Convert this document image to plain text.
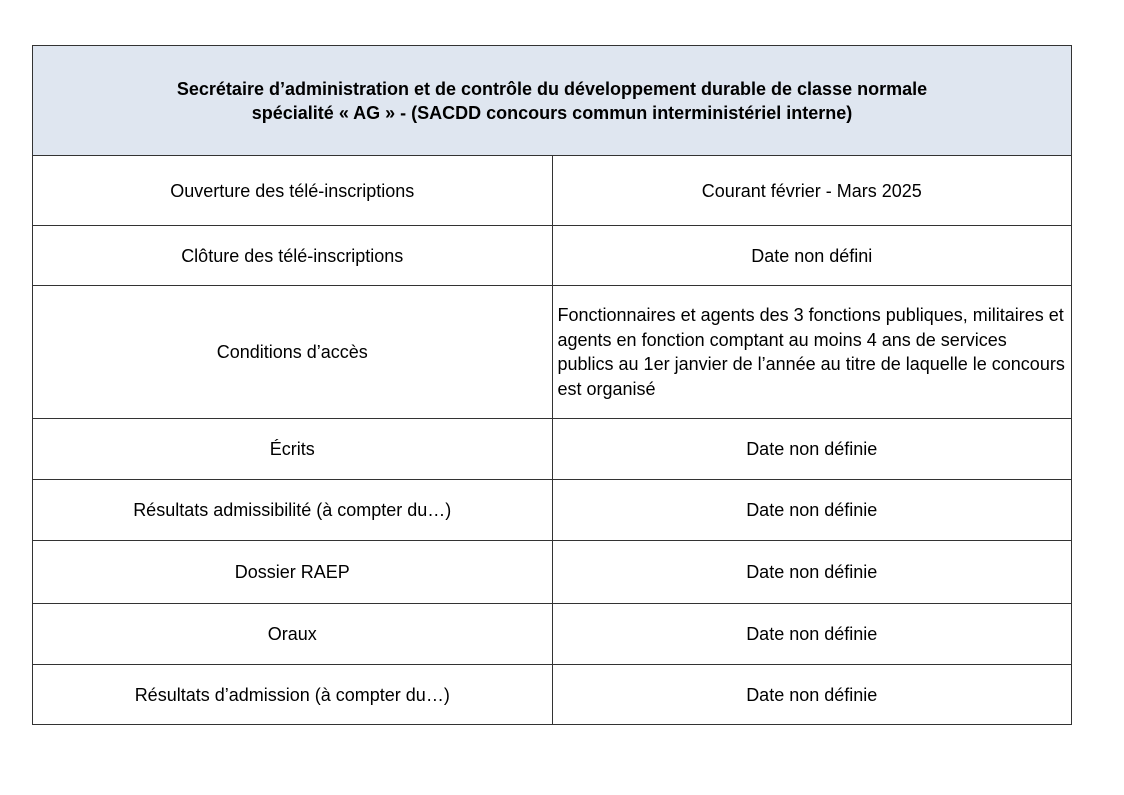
Secrétaire d’administration et de contrôle du développement durable de classe normale
spécialité « AG » - (SACDD concours commun interministériel interne)	

Ouverture des télé-inscriptions	Courant février - Mars 2025
Clôture des télé-inscriptions	Date non défini
Conditions d’accès	Fonctionnaires et agents des 3 fonctions publiques, militaires et agents en fonction comptant au moins 4 ans de services publics au 1er janvier de l’année au titre de laquelle le concours est organisé
Écrits	Date non définie
Résultats admissibilité (à compter du…)	Date non définie
Dossier RAEP	Date non définie
Oraux	Date non définie
Résultats d’admission (à compter du…)	Date non définie
